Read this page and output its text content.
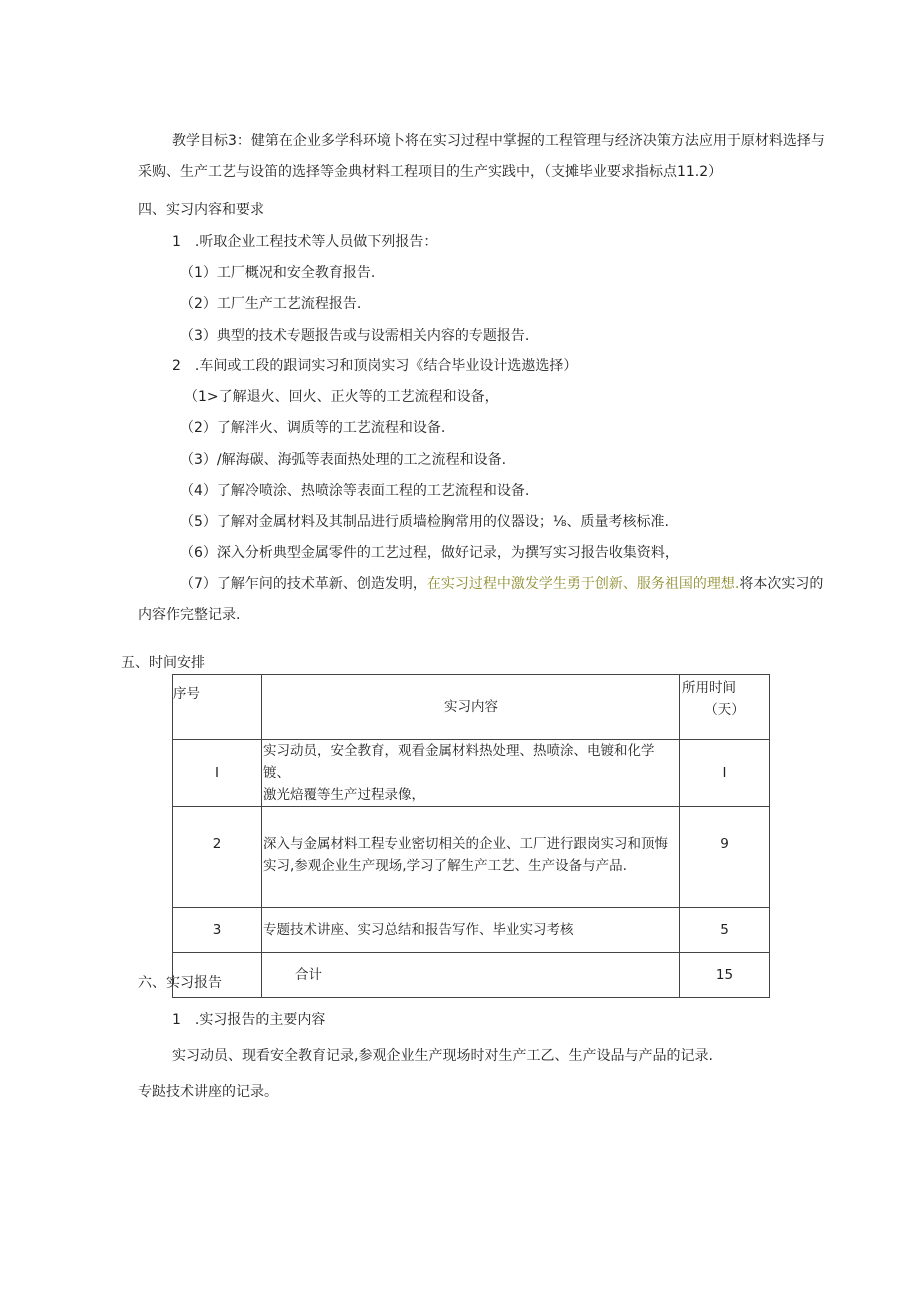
教学目标3：健第在企业多学科环境卜将在实习过程中掌握的工程管理与经济决策方法应用于原材料选择与
采购、生产工艺与设笛的选择等金典材料工程项目的生产实践中，（支摊毕业要求指标点11.2）
四、实习内容和要求
1　.听取企业工程技术等人员做下列报告：
（1）工厂概况和安全教育报告.
（2）工厂生产工艺流程报告.
（3）典型的技术专题报告或与设需相关内容的专题报告.
2　.车间或工段的跟词实习和顶岗实习《结合毕业设计选遨选择）
（1>了解退火、回火、正火等的工艺流程和设备，
（2）了解泮火、调质等的工艺流程和设备.
（3）/解海碳、海弧等表面热处理的工之流程和设备.
（4）了解冷喷涂、热喷涂等表面工程的工艺流程和设备.
（5）了解对金属材料及其制品进行质墙检胸常用的仪器设；⅛、质量考核标准.
（6）深入分析典型金属零件的工艺过程，做好记录，为撰写实习报告收集资料，
（7）了解乍问的技术革新、创造发明，在实习过程中激发学生勇于创新、服务祖国的理想.将本次实习的
内容作完整记录.
五、时间安排
序号	实习内容	所用时间
（天）

I	实习动员，安全教育，观看金属材料热处理、热喷涂、电镀和化学镀、
激光焙覆等生产过程录像，	I
2	深入与金属材料工程专业密切相关的企业、工厂进行跟岗实习和顶悔
实习,参观企业生产现场,学习了解生产工艺、生产设备与产品.	9
3	专题技术讲座、实习总结和报告写作、毕业实习考核	5
	合计	15
六、实习报告
1　.实习报告的主要内容
实习动员、现看安全教育记录,参观企业生产现场时对生产工乙、生产设品与产品的记录.
专跶技术讲座的记录。
